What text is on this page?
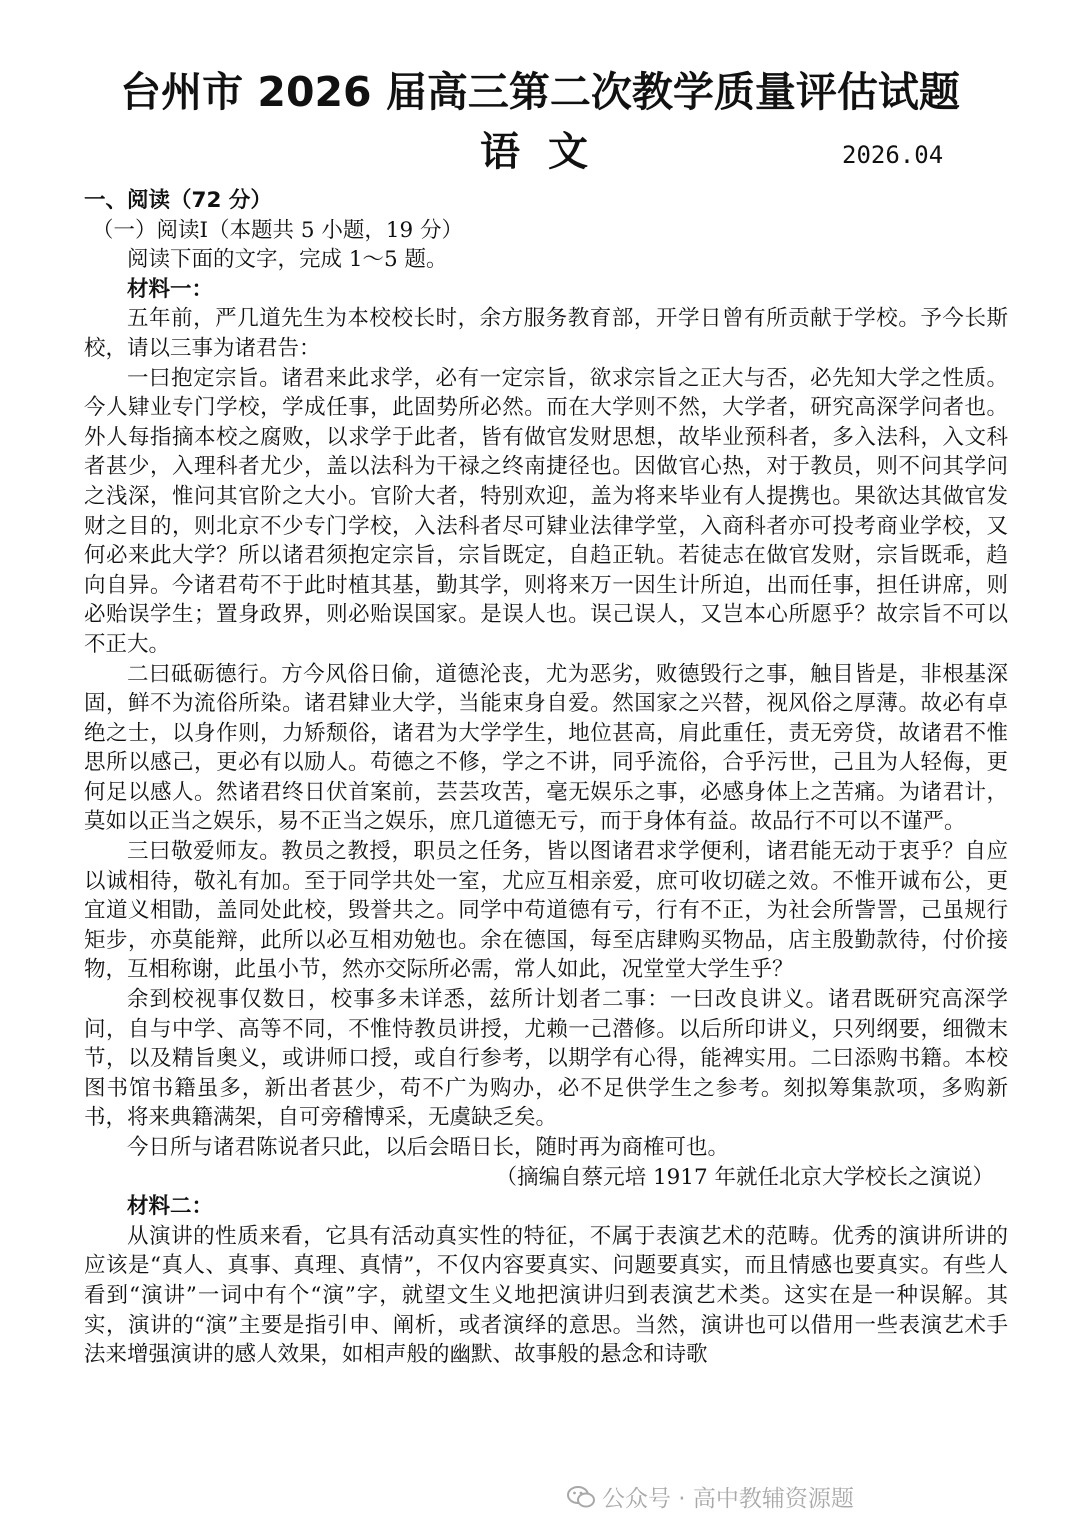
台州市 2026 届高三第二次教学质量评估试题
语文	2026.04

一、阅读（72 分）

（一）阅读Ⅰ（本题共 5 小题，19 分）

阅读下面的文字，完成 1～5 题。

材料一：

五年前，严几道先生为本校校长时，余方服务教育部，开学日曾有所贡献于学校。予今长斯校，请以三事为诸君告：

一曰抱定宗旨。诸君来此求学，必有一定宗旨，欲求宗旨之正大与否，必先知大学之性质。今人肄业专门学校，学成任事，此固势所必然。而在大学则不然，大学者，研究高深学问者也。外人每指摘本校之腐败，以求学于此者，皆有做官发财思想，故毕业预科者，多入法科，入文科者甚少，入理科者尤少，盖以法科为干禄之终南捷径也。因做官心热，对于教员，则不问其学问之浅深，惟问其官阶之大小。官阶大者，特别欢迎，盖为将来毕业有人提携也。果欲达其做官发财之目的，则北京不少专门学校，入法科者尽可肄业法律学堂，入商科者亦可投考商业学校，又何必来此大学？所以诸君须抱定宗旨，宗旨既定，自趋正轨。若徒志在做官发财，宗旨既乖，趋向自异。今诸君苟不于此时植其基，勤其学，则将来万一因生计所迫，出而任事，担任讲席，则必贻误学生；置身政界，则必贻误国家。是误人也。误己误人，又岂本心所愿乎？故宗旨不可以不正大。

二曰砥砺德行。方今风俗日偷，道德沦丧，尤为恶劣，败德毁行之事，触目皆是，非根基深固，鲜不为流俗所染。诸君肄业大学，当能束身自爱。然国家之兴替，视风俗之厚薄。故必有卓绝之士，以身作则，力矫颓俗，诸君为大学学生，地位甚高，肩此重任，责无旁贷，故诸君不惟思所以感己，更必有以励人。苟德之不修，学之不讲，同乎流俗，合乎污世，己且为人轻侮，更何足以感人。然诸君终日伏首案前，芸芸攻苦，毫无娱乐之事，必感身体上之苦痛。为诸君计，莫如以正当之娱乐，易不正当之娱乐，庶几道德无亏，而于身体有益。故品行不可以不谨严。

三曰敬爱师友。教员之教授，职员之任务，皆以图诸君求学便利，诸君能无动于衷乎？自应以诚相待，敬礼有加。至于同学共处一室，尤应互相亲爱，庶可收切磋之效。不惟开诚布公，更宜道义相勖，盖同处此校，毁誉共之。同学中苟道德有亏，行有不正，为社会所訾詈，己虽规行矩步，亦莫能辩，此所以必互相劝勉也。余在德国，每至店肆购买物品，店主殷勤款待，付价接物，互相称谢，此虽小节，然亦交际所必需，常人如此，况堂堂大学生乎？

余到校视事仅数日，校事多未详悉，兹所计划者二事：一曰改良讲义。诸君既研究高深学问，自与中学、高等不同，不惟恃教员讲授，尤赖一己潜修。以后所印讲义，只列纲要，细微末节，以及精旨奥义，或讲师口授，或自行参考，以期学有心得，能裨实用。二曰添购书籍。本校图书馆书籍虽多，新出者甚少，苟不广为购办，必不足供学生之参考。刻拟筹集款项，多购新书，将来典籍满架，自可旁稽博采，无虞缺乏矣。

今日所与诸君陈说者只此，以后会晤日长，随时再为商榷可也。

（摘编自蔡元培 1917 年就任北京大学校长之演说）

材料二：

从演讲的性质来看，它具有活动真实性的特征，不属于表演艺术的范畴。优秀的演讲所讲的应该是“真人、真事、真理、真情”，不仅内容要真实、问题要真实，而且情感也要真实。有些人看到“演讲”一词中有个“演”字，就望文生义地把演讲归到表演艺术类。这实在是一种误解。其实，演讲的“演”主要是指引申、阐析，或者演绎的意思。当然，演讲也可以借用一些表演艺术手法来增强演讲的感人效果，如相声般的幽默、故事般的悬念和诗歌

公众号 · 高中教辅资源题
